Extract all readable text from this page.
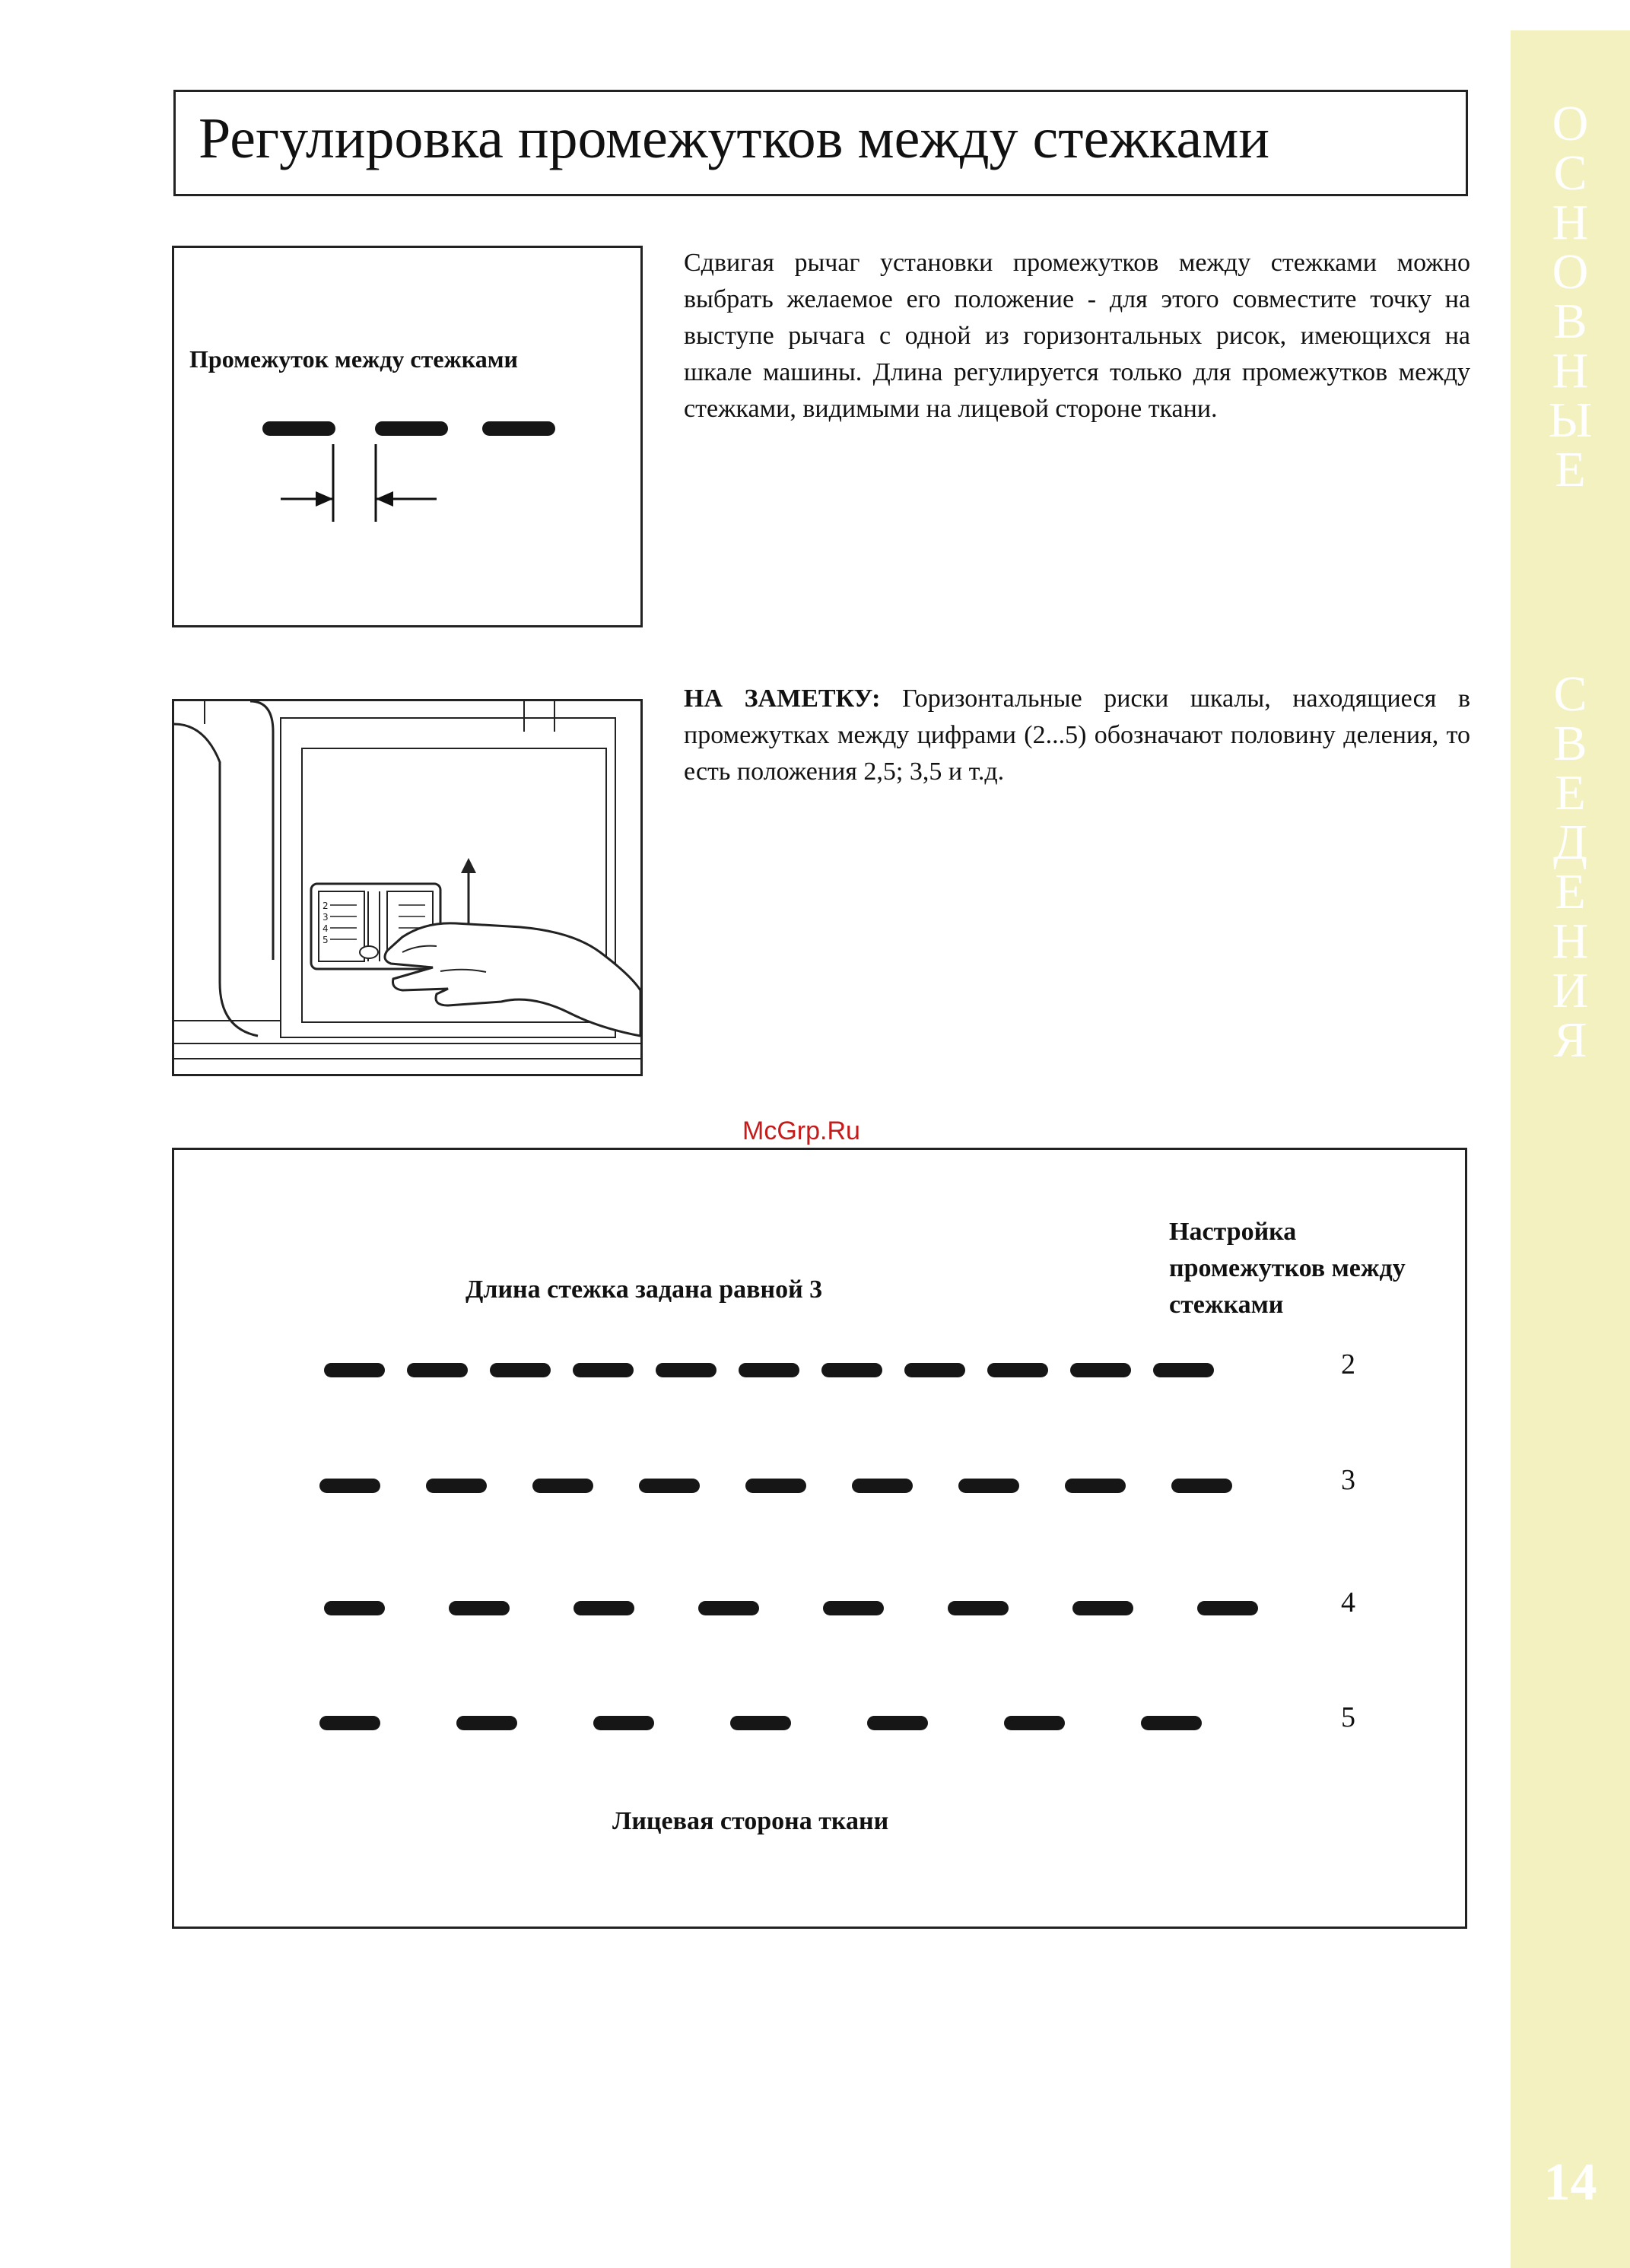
О
С
Н
О
В
Н
Ы
Е
С
В
Е
Д
Е
Н
И
Я
14
Регулировка промежутков между стежками
Промежуток между стежками
Сдвигая рычаг установки промежутков между стежками можно выбрать желаемое его положение - для этого совместите точку на выступе рычага с одной из горизонтальных рисок, имеющихся на шкале машины. Длина регулируется только для промежутков между стежками, видимыми на лицевой стороне ткани.
2
3
4
5
НА ЗАМЕТКУ: Горизонтальные риски шкалы, находящиеся в промежутках между цифрами (2...5) обозначают половину деления, то есть положения 2,5; 3,5 и т.д.
McGrp.Ru
Длина стежка задана равной 3
Настройка промежутков между стежками
2
3
4
5
Лицевая сторона ткани
